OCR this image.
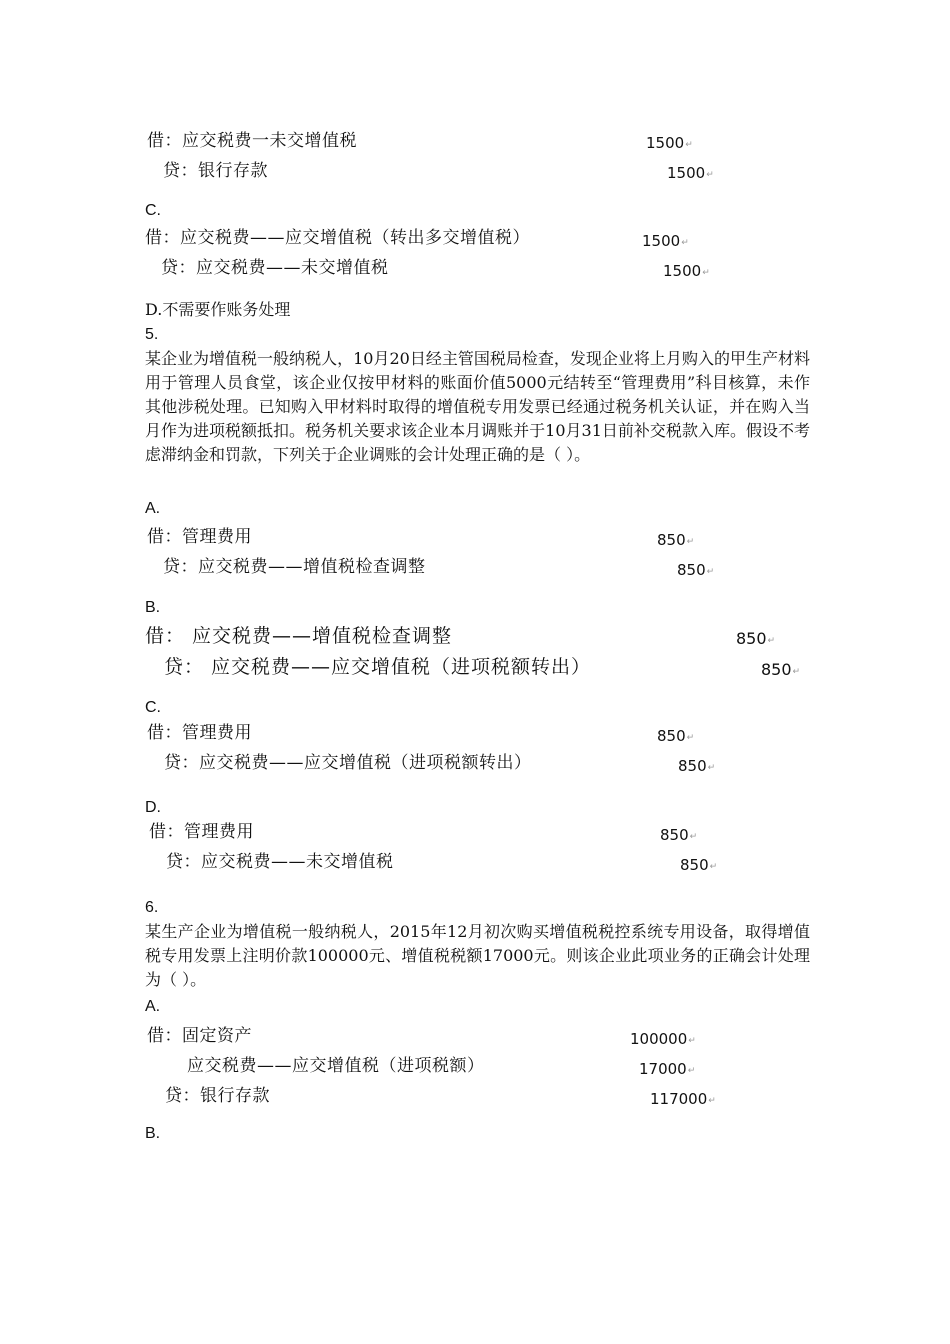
借：应交税费一未交增值税	1500↵
贷：银行存款	1500↵
C.
借：应交税费——应交增值税（转出多交增值税）	1500↵
贷：应交税费——未交增值税	1500↵
D.不需要作账务处理
5.
某企业为增值税一般纳税人，10月20日经主管国税局检查，发现企业将上月购入的甲生产材料用于管理人员食堂，该企业仅按甲材料的账面价值5000元结转至“管理费用”科目核算，未作其他涉税处理。已知购入甲材料时取得的增值税专用发票已经通过税务机关认证，并在购入当月作为进项税额抵扣。税务机关要求该企业本月调账并于10月31日前补交税款入库。假设不考虑滞纳金和罚款，下列关于企业调账的会计处理正确的是（ ）。
A.
借：管理费用	850↵
贷：应交税费——增值税检查调整	850↵
B.
借： 应交税费——增值税检查调整	850↵
贷： 应交税费——应交增值税（进项税额转出）	850↵
C.
借：管理费用	850↵
贷：应交税费——应交增值税（进项税额转出）	850↵
D.
借：管理费用	850↵
贷：应交税费——未交增值税	850↵
6.
某生产企业为增值税一般纳税人，2015年12月初次购买增值税税控系统专用设备，取得增值税专用发票上注明价款100000元、增值税税额17000元。则该企业此项业务的正确会计处理为（ ）。
A.
借：固定资产	100000↵
应交税费——应交增值税（进项税额）	17000↵
贷：银行存款	117000↵
B.
